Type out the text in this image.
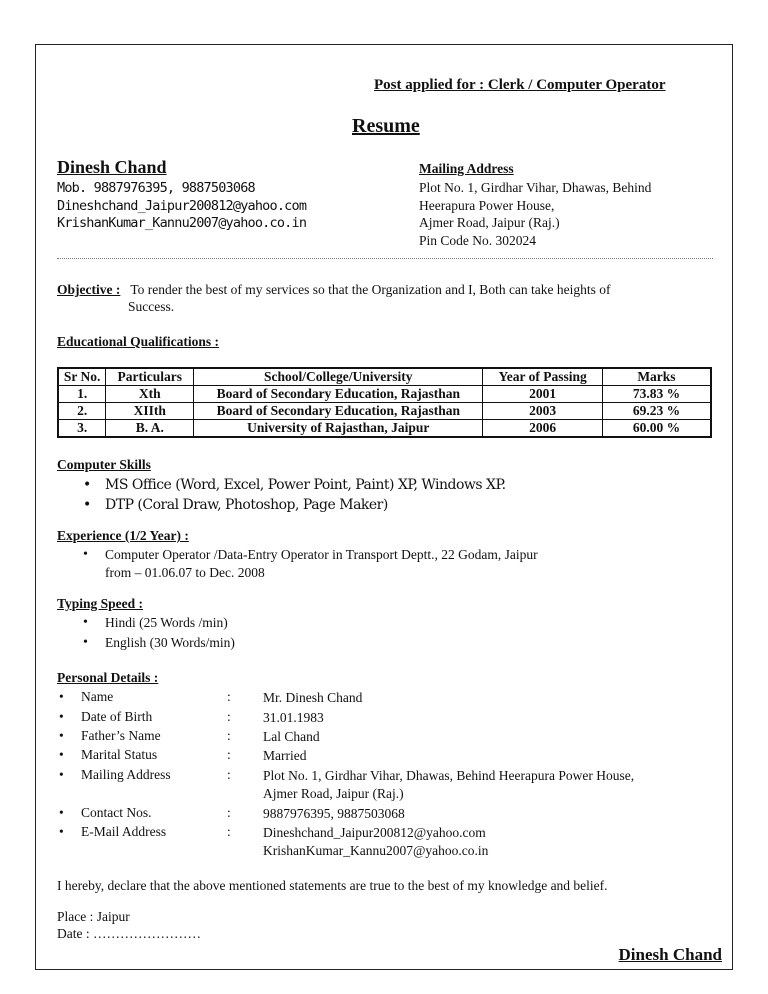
Post applied for : Clerk / Computer Operator
Resume
Dinesh Chand
Mob. 9887976395, 9887503068
Dineshchand_Jaipur200812@yahoo.com
KrishanKumar_Kannu2007@yahoo.co.in
Mailing Address
Plot No. 1, Girdhar Vihar, Dhawas, Behind
Heerapura Power House,
Ajmer Road, Jaipur (Raj.)
Pin Code No. 302024
Objective : To render the best of my services so that the Organization and I, Both can take heights of
Success.
Educational Qualifications :
Sr No.	Particulars	School/College/University	Year of Passing	Marks
1.	Xth	Board of Secondary Education, Rajasthan	2001	73.83 %
2.	XIIth	Board of Secondary Education, Rajasthan	2003	69.23 %
3.	B. A.	University of Rajasthan, Jaipur	2006	60.00 %
Computer Skills
• MS Office (Word, Excel, Power Point, Paint) XP, Windows XP.
• DTP (Coral Draw, Photoshop, Page Maker)
Experience (1/2 Year) :
• Computer Operator /Data-Entry Operator in Transport Deptt., 22 Godam, Jaipur
from – 01.06.07 to Dec. 2008
Typing Speed :
• Hindi (25 Words /min)
• English (30 Words/min)
Personal Details :
Name	: Mr. Dinesh Chand
Date of Birth	: 31.01.1983
Father’s Name	: Lal Chand
Marital Status	: Married
Mailing Address	: Plot No. 1, Girdhar Vihar, Dhawas, Behind Heerapura Power House,
Ajmer Road, Jaipur (Raj.)
Contact Nos.	: 9887976395, 9887503068
E-Mail Address	: Dineshchand_Jaipur200812@yahoo.com
KrishanKumar_Kannu2007@yahoo.co.in
I hereby, declare that the above mentioned statements are true to the best of my knowledge and belief.
Place : Jaipur
Date : ……………………
Dinesh Chand
